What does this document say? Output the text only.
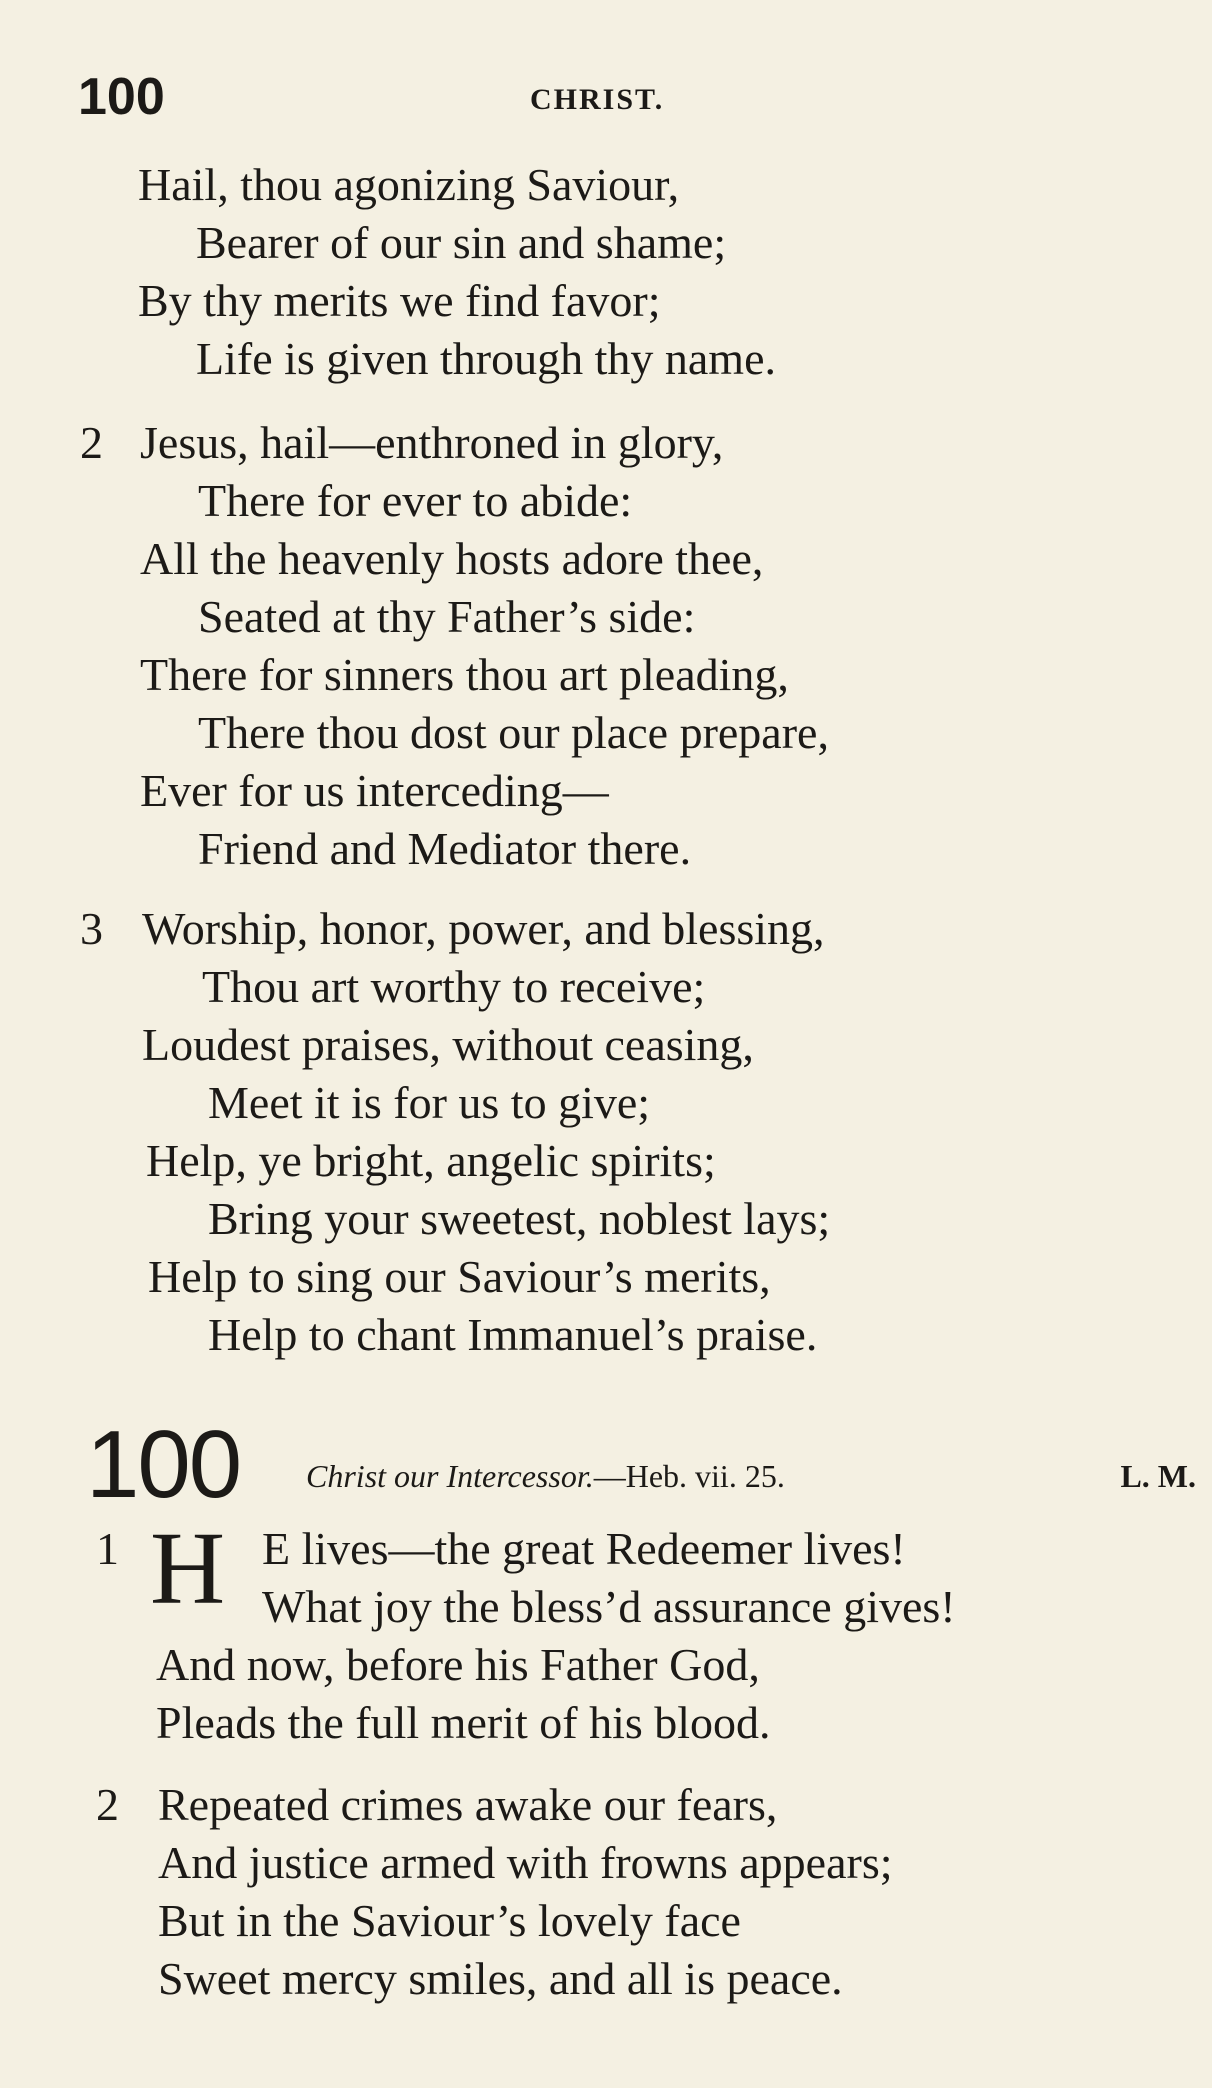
100	CHRIST.
Hail, thou agonizing Saviour,
Bearer of our sin and shame;
By thy merits we find favor;
Life is given through thy name.
2 Jesus, hail—enthroned in glory,
There for ever to abide:
All the heavenly hosts adore thee,
Seated at thy Father’s side:
There for sinners thou art pleading,
There thou dost our place prepare,
Ever for us interceding—
Friend and Mediator there.
3 Worship, honor, power, and blessing,
Thou art worthy to receive;
Loudest praises, without ceasing,
Meet it is for us to give;
Help, ye bright, angelic spirits;
Bring your sweetest, noblest lays;
Help to sing our Saviour’s merits,
Help to chant Immanuel’s praise.
100 Christ our Intercessor.—Heb. vii. 25.	L. M.
1 H E lives—the great Redeemer lives!
What joy the bless’d assurance gives!
And now, before his Father God,
Pleads the full merit of his blood.
2 Repeated crimes awake our fears,
And justice armed with frowns appears;
But in the Saviour’s lovely face
Sweet mercy smiles, and all is peace.
